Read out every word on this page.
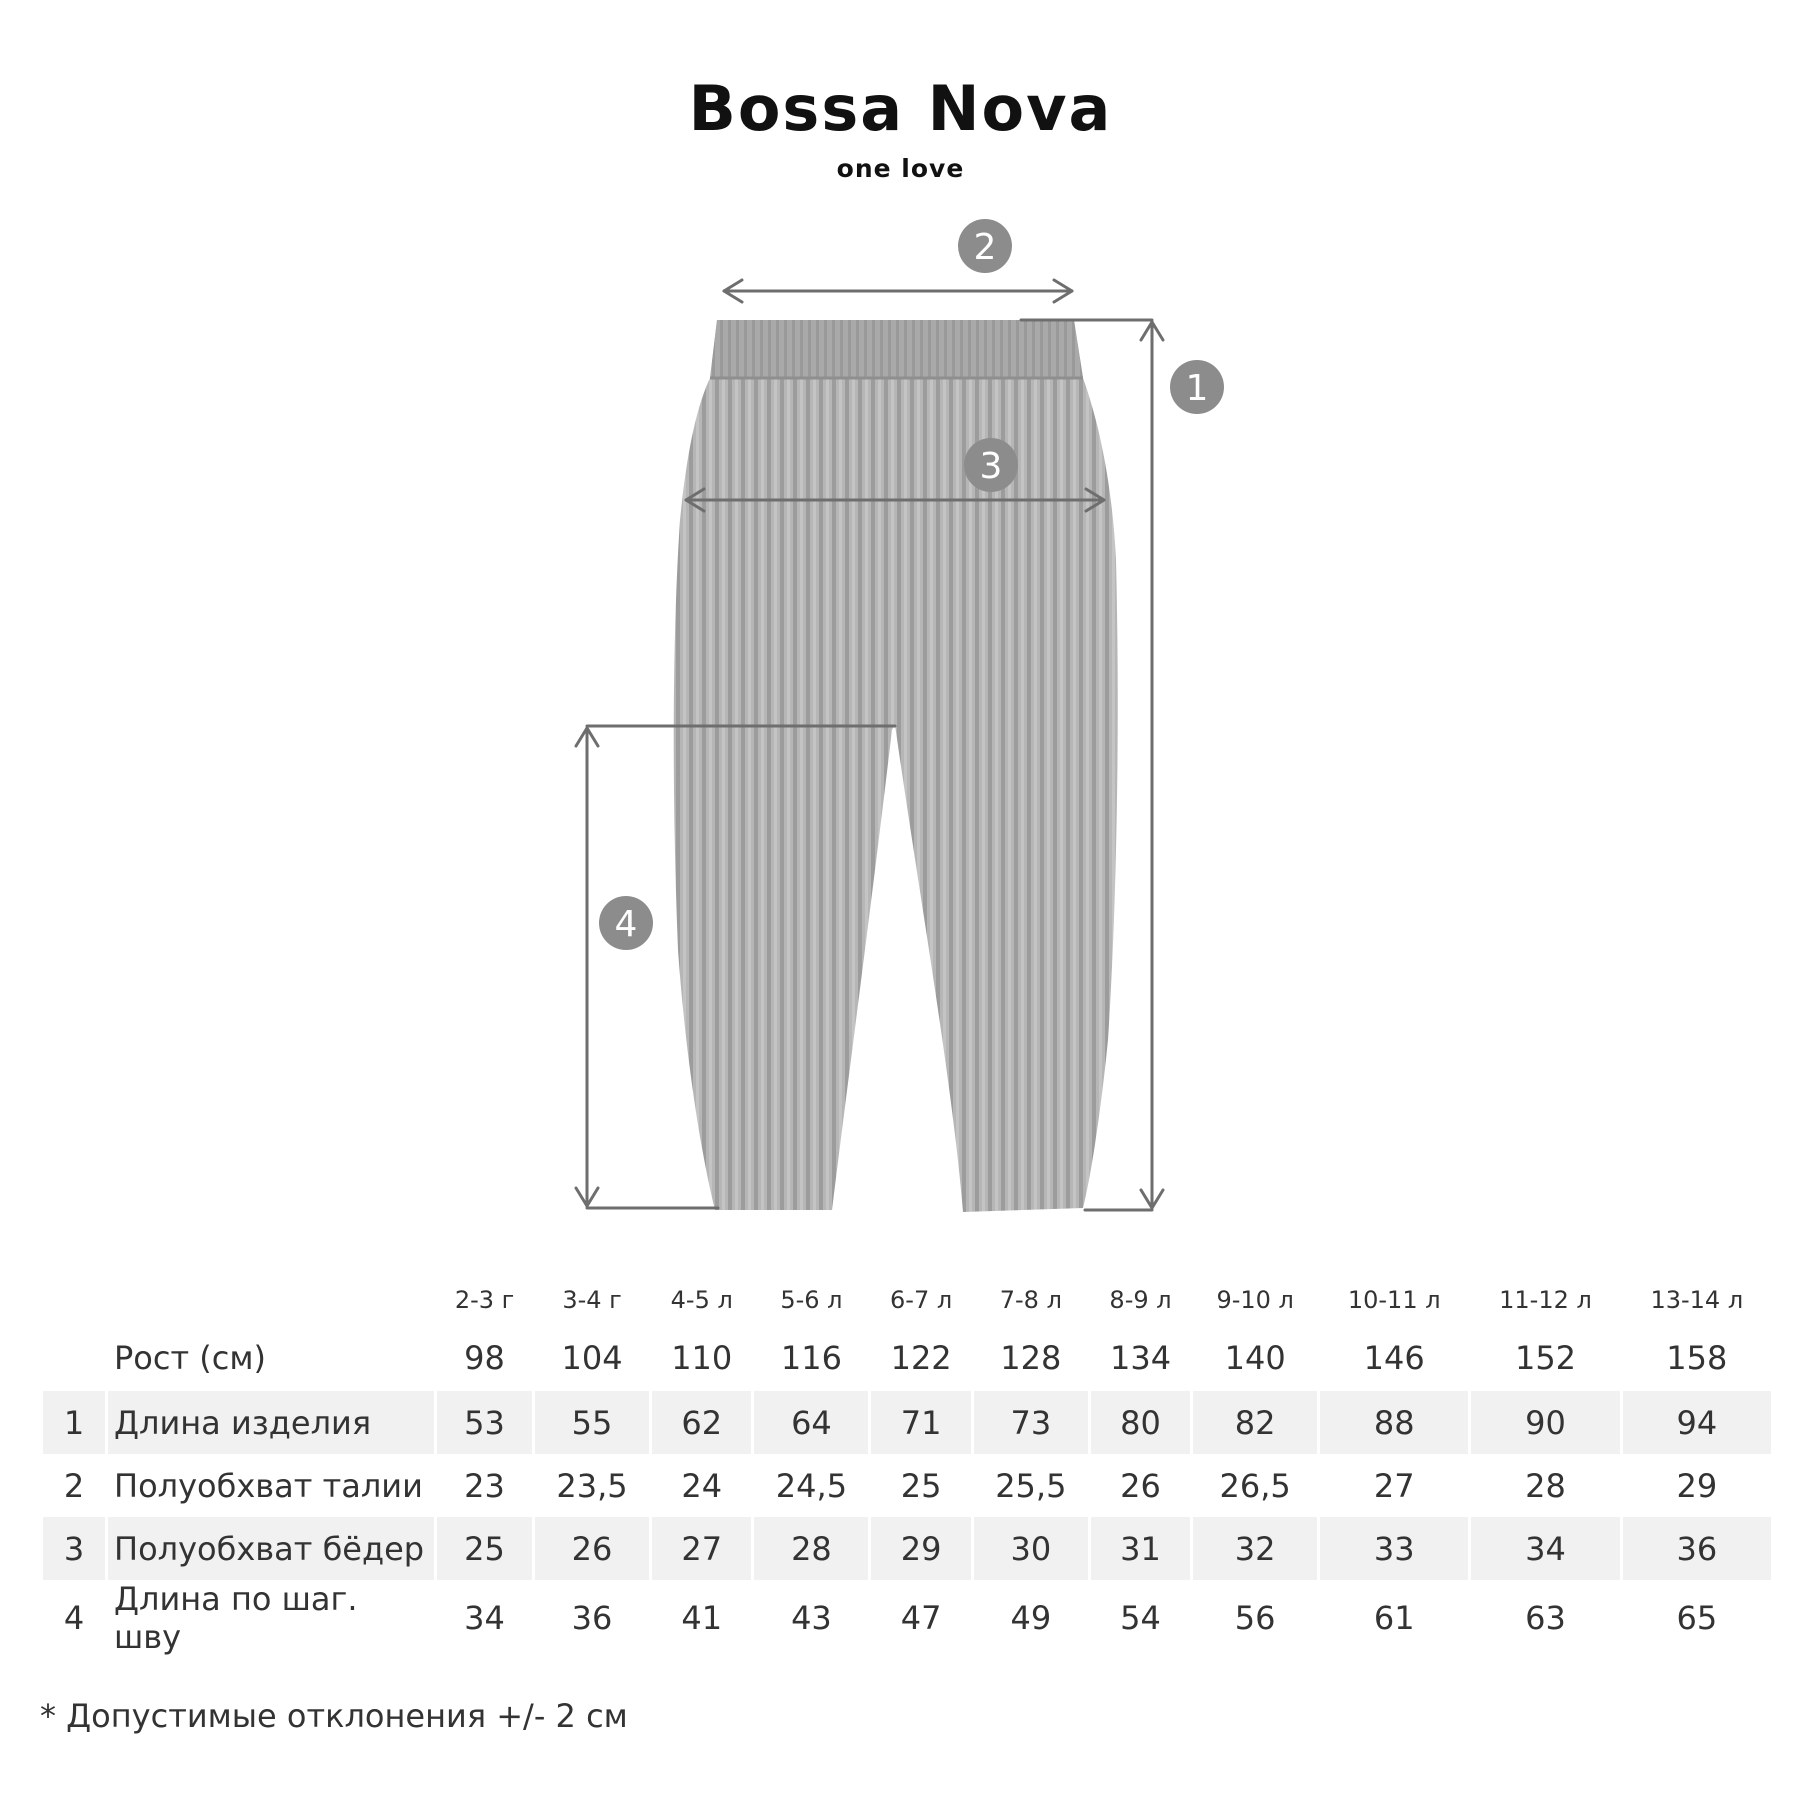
Bossa Nova
one love
2
1
3
4
		2-3 г	3-4 г	4-5 л	5-6 л	6-7 л	7-8 л	8-9 л	9-10 л	10-11 л	11-12 л	13-14 л
	Рост (см)	98	104	110	116	122	128	134	140	146	152	158
1	Длина изделия	53	55	62	64	71	73	80	82	88	90	94
2	Полуобхват талии	23	23,5	24	24,5	25	25,5	26	26,5	27	28	29
3	Полуобхват бёдер	25	26	27	28	29	30	31	32	33	34	36
4	Длина по шаг. шву	34	36	41	43	47	49	54	56	61	63	65
* Допустимые отклонения +/- 2 см
